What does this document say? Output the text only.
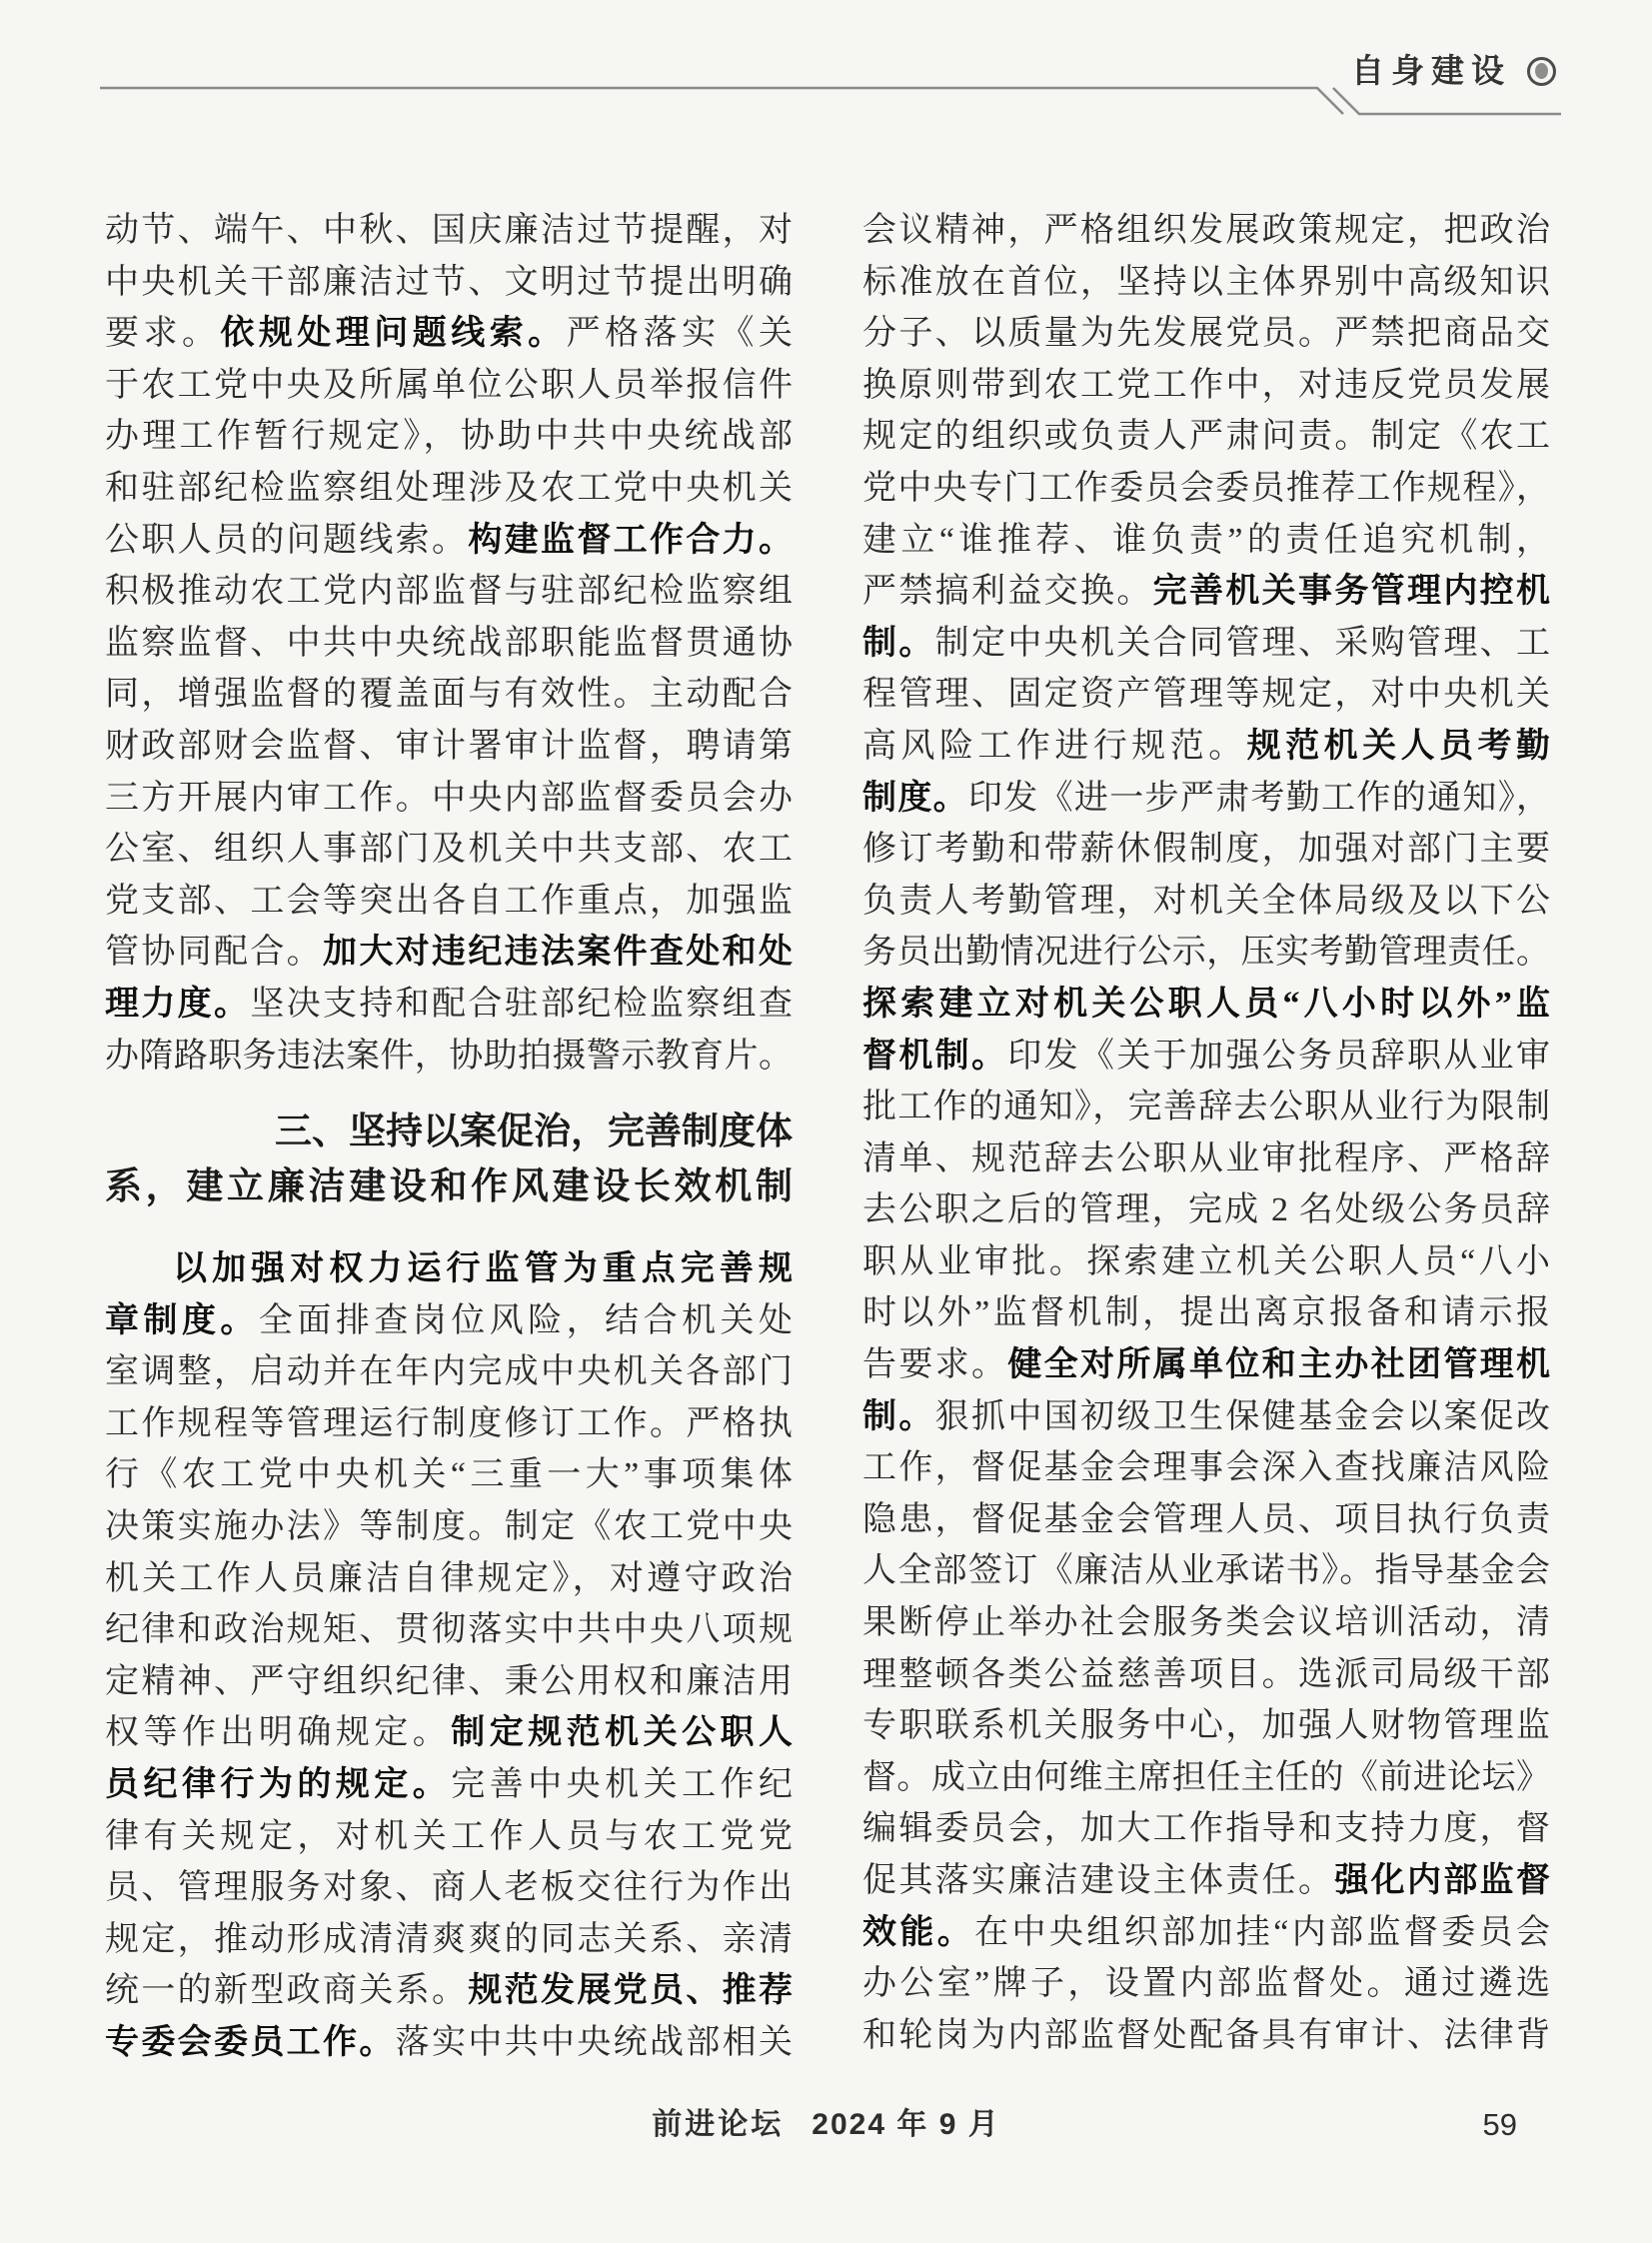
自身建设
动节、端午、中秋、国庆廉洁过节提醒，对
中央机关干部廉洁过节、文明过节提出明确
要求。依规处理问题线索。严格落实《关
于农工党中央及所属单位公职人员举报信件
办理工作暂行规定》，协助中共中央统战部
和驻部纪检监察组处理涉及农工党中央机关
公职人员的问题线索。构建监督工作合力。
积极推动农工党内部监督与驻部纪检监察组
监察监督、中共中央统战部职能监督贯通协
同，增强监督的覆盖面与有效性。主动配合
财政部财会监督、审计署审计监督，聘请第
三方开展内审工作。中央内部监督委员会办
公室、组织人事部门及机关中共支部、农工
党支部、工会等突出各自工作重点，加强监
管协同配合。加大对违纪违法案件查处和处
理力度。坚决支持和配合驻部纪检监察组查
办隋路职务违法案件，协助拍摄警示教育片。
三、坚持以案促治，完善制度体
系，建立廉洁建设和作风建设长效机制
以加强对权力运行监管为重点完善规
章制度。全面排查岗位风险，结合机关处
室调整，启动并在年内完成中央机关各部门
工作规程等管理运行制度修订工作。严格执
行《农工党中央机关“三重一大”事项集体
决策实施办法》等制度。制定《农工党中央
机关工作人员廉洁自律规定》，对遵守政治
纪律和政治规矩、贯彻落实中共中央八项规
定精神、严守组织纪律、秉公用权和廉洁用
权等作出明确规定。制定规范机关公职人
员纪律行为的规定。完善中央机关工作纪
律有关规定，对机关工作人员与农工党党
员、管理服务对象、商人老板交往行为作出
规定，推动形成清清爽爽的同志关系、亲清
统一的新型政商关系。规范发展党员、推荐
专委会委员工作。落实中共中央统战部相关
会议精神，严格组织发展政策规定，把政治
标准放在首位，坚持以主体界别中高级知识
分子、以质量为先发展党员。严禁把商品交
换原则带到农工党工作中，对违反党员发展
规定的组织或负责人严肃问责。制定《农工
党中央专门工作委员会委员推荐工作规程》，
建立“谁推荐、谁负责”的责任追究机制，
严禁搞利益交换。完善机关事务管理内控机
制。制定中央机关合同管理、采购管理、工
程管理、固定资产管理等规定，对中央机关
高风险工作进行规范。规范机关人员考勤
制度。印发《进一步严肃考勤工作的通知》，
修订考勤和带薪休假制度，加强对部门主要
负责人考勤管理，对机关全体局级及以下公
务员出勤情况进行公示，压实考勤管理责任。
探索建立对机关公职人员“八小时以外”监
督机制。印发《关于加强公务员辞职从业审
批工作的通知》，完善辞去公职从业行为限制
清单、规范辞去公职从业审批程序、严格辞
去公职之后的管理，完成 2 名处级公务员辞
职从业审批。探索建立机关公职人员“八小
时以外”监督机制，提出离京报备和请示报
告要求。健全对所属单位和主办社团管理机
制。狠抓中国初级卫生保健基金会以案促改
工作，督促基金会理事会深入查找廉洁风险
隐患，督促基金会管理人员、项目执行负责
人全部签订《廉洁从业承诺书》。指导基金会
果断停止举办社会服务类会议培训活动，清
理整顿各类公益慈善项目。选派司局级干部
专职联系机关服务中心，加强人财物管理监
督。成立由何维主席担任主任的《前进论坛》
编辑委员会，加大工作指导和支持力度，督
促其落实廉洁建设主体责任。强化内部监督
效能。在中央组织部加挂“内部监督委员会
办公室”牌子，设置内部监督处。通过遴选
和轮岗为内部监督处配备具有审计、法律背
前进论坛 2024 年 9 月	59
